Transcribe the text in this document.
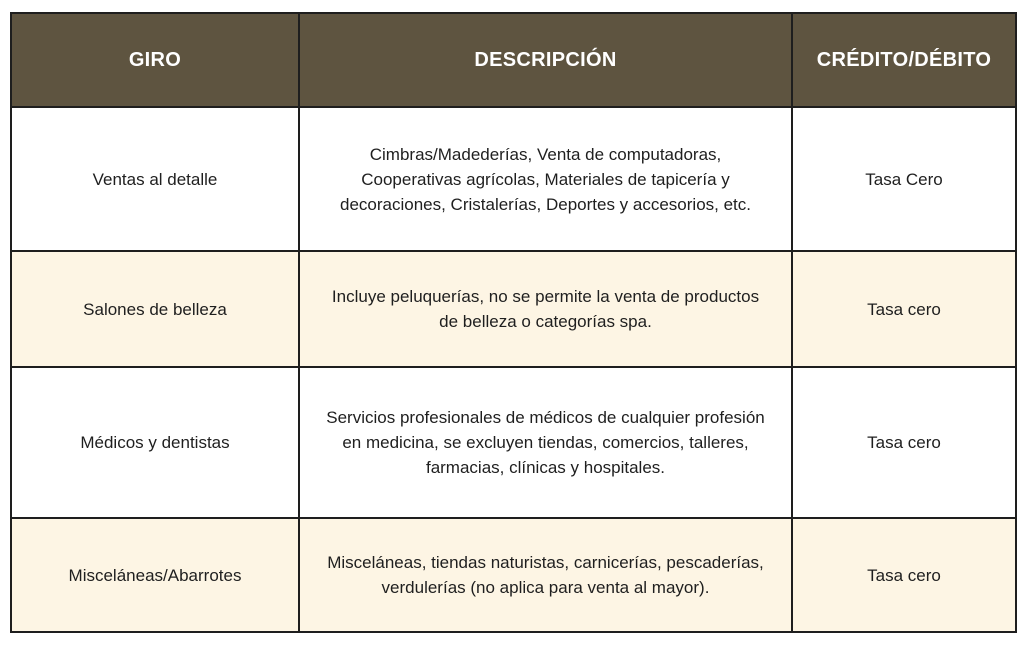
GIRO	DESCRIPCIÓN	CRÉDITO/DÉBITO
Ventas al detalle	Cimbras/Madederías, Venta de computadoras,
Cooperativas agrícolas, Materiales de tapicería y
decoraciones, Cristalerías, Deportes y accesorios, etc.	Tasa Cero
Salones de belleza	Incluye peluquerías, no se permite la venta de productos
de belleza o categorías spa.	Tasa cero
Médicos y dentistas	Servicios profesionales de médicos de cualquier profesión
en medicina, se excluyen tiendas, comercios, talleres,
farmacias, clínicas y hospitales.	Tasa cero
Misceláneas/Abarrotes	Misceláneas, tiendas naturistas, carnicerías, pescaderías,
verdulerías (no aplica para venta al mayor).	Tasa cero
